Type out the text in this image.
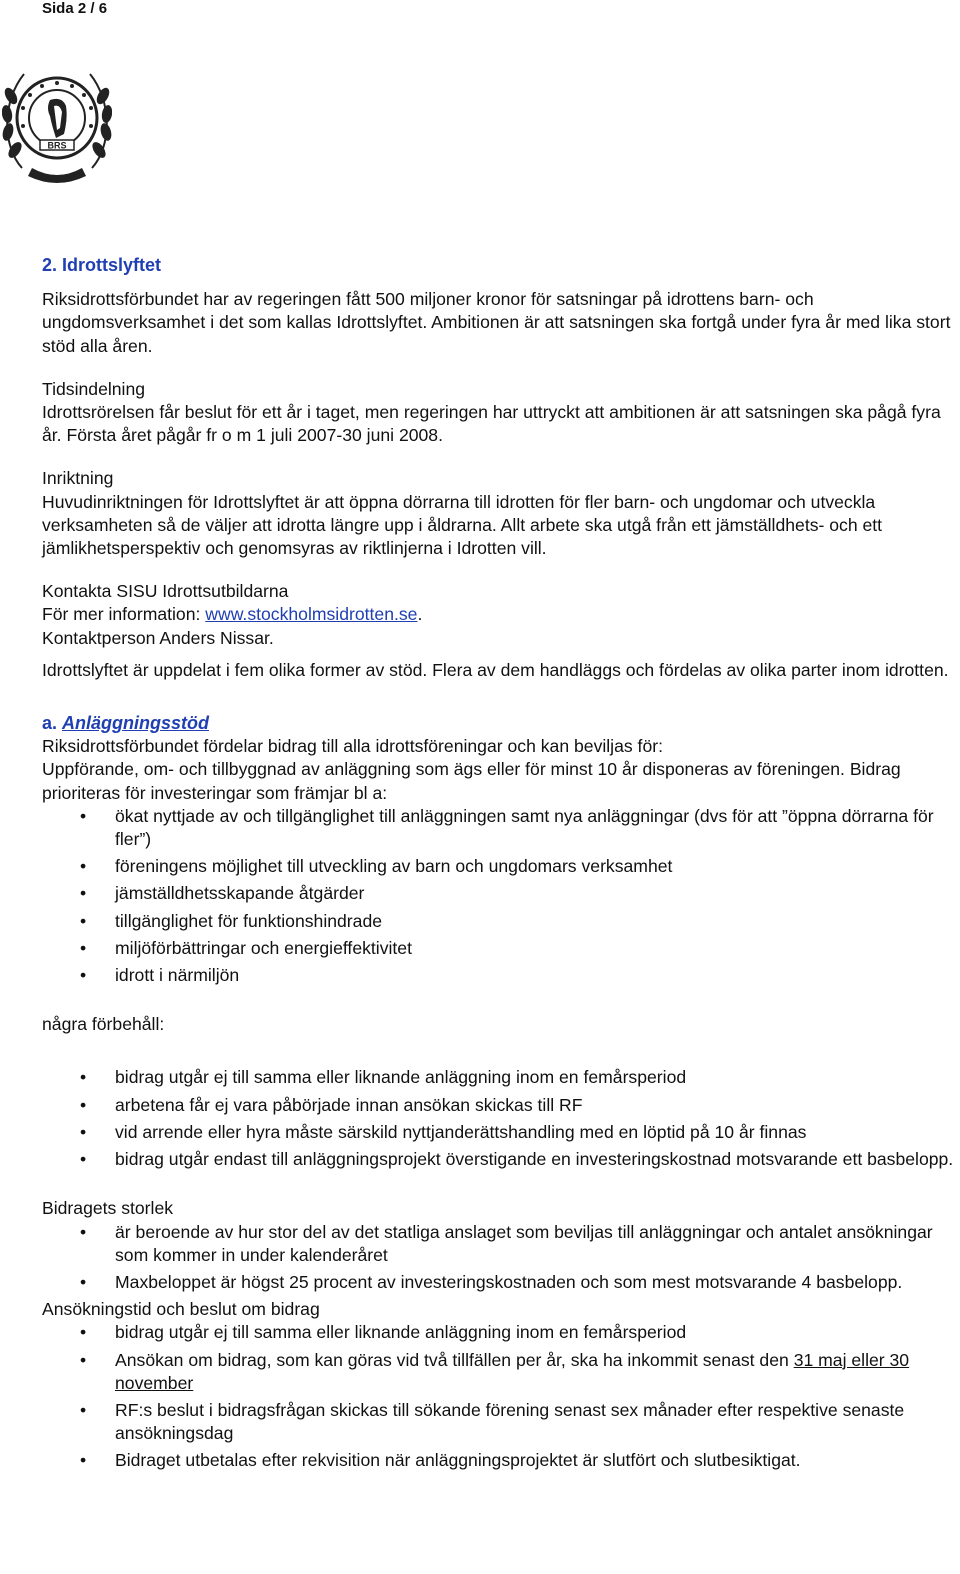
Sida 2 / 6
BRS

2. Idrottslyftet

Riksidrottsförbundet har av regeringen fått 500 miljoner kronor för satsningar på idrottens barn- och ungdomsverksamhet i det som kallas Idrottslyftet. Ambitionen är att satsningen ska fortgå under fyra år med lika stort stöd alla åren.

Tidsindelning

Idrottsrörelsen får beslut för ett år i taget, men regeringen har uttryckt att ambitionen är att satsningen ska pågå fyra år. Första året pågår fr o m 1 juli 2007-30 juni 2008.

Inriktning

Huvudinriktningen för Idrottslyftet är att öppna dörrarna till idrotten för fler barn- och ungdomar och utveckla verksamheten så de väljer att idrotta längre upp i åldrarna. Allt arbete ska utgå från ett jämställdhets- och ett jämlikhetsperspektiv och genomsyras av riktlinjerna i Idrotten vill.

Kontakta SISU Idrottsutbildarna

För mer information: www.stockholmsidrotten.se.

Kontaktperson Anders Nissar.

Idrottslyftet är uppdelat i fem olika former av stöd. Flera av dem handläggs och fördelas av olika parter inom idrotten.

a. Anläggningsstöd

Riksidrottsförbundet fördelar bidrag till alla idrottsföreningar och kan beviljas för:

Uppförande, om- och tillbyggnad av anläggning som ägs eller för minst 10 år disponeras av föreningen. Bidrag prioriteras för investeringar som främjar bl a:

• ökat nyttjade av och tillgänglighet till anläggningen samt nya anläggningar (dvs för att ”öppna dörrarna för fler”)
• föreningens möjlighet till utveckling av barn och ungdomars verksamhet
• jämställdhetsskapande åtgärder
• tillgänglighet för funktionshindrade
• miljöförbättringar och energieffektivitet
• idrott i närmiljön

några förbehåll:

• bidrag utgår ej till samma eller liknande anläggning inom en femårsperiod
• arbetena får ej vara påbörjade innan ansökan skickas till RF
• vid arrende eller hyra måste särskild nyttjanderättshandling med en löptid på 10 år finnas
• bidrag utgår endast till anläggningsprojekt överstigande en investeringskostnad motsvarande ett basbelopp.

Bidragets storlek

• är beroende av hur stor del av det statliga anslaget som beviljas till anläggningar och antalet ansökningar som kommer in under kalenderåret
• Maxbeloppet är högst 25 procent av investeringskostnaden och som mest motsvarande 4 basbelopp.

Ansökningstid och beslut om bidrag

• bidrag utgår ej till samma eller liknande anläggning inom en femårsperiod
• Ansökan om bidrag, som kan göras vid två tillfällen per år, ska ha inkommit senast den 31 maj eller 30 november
• RF:s beslut i bidragsfrågan skickas till sökande förening senast sex månader efter respektive senaste ansökningsdag
• Bidraget utbetalas efter rekvisition när anläggningsprojektet är slutfört och slutbesiktigat.
